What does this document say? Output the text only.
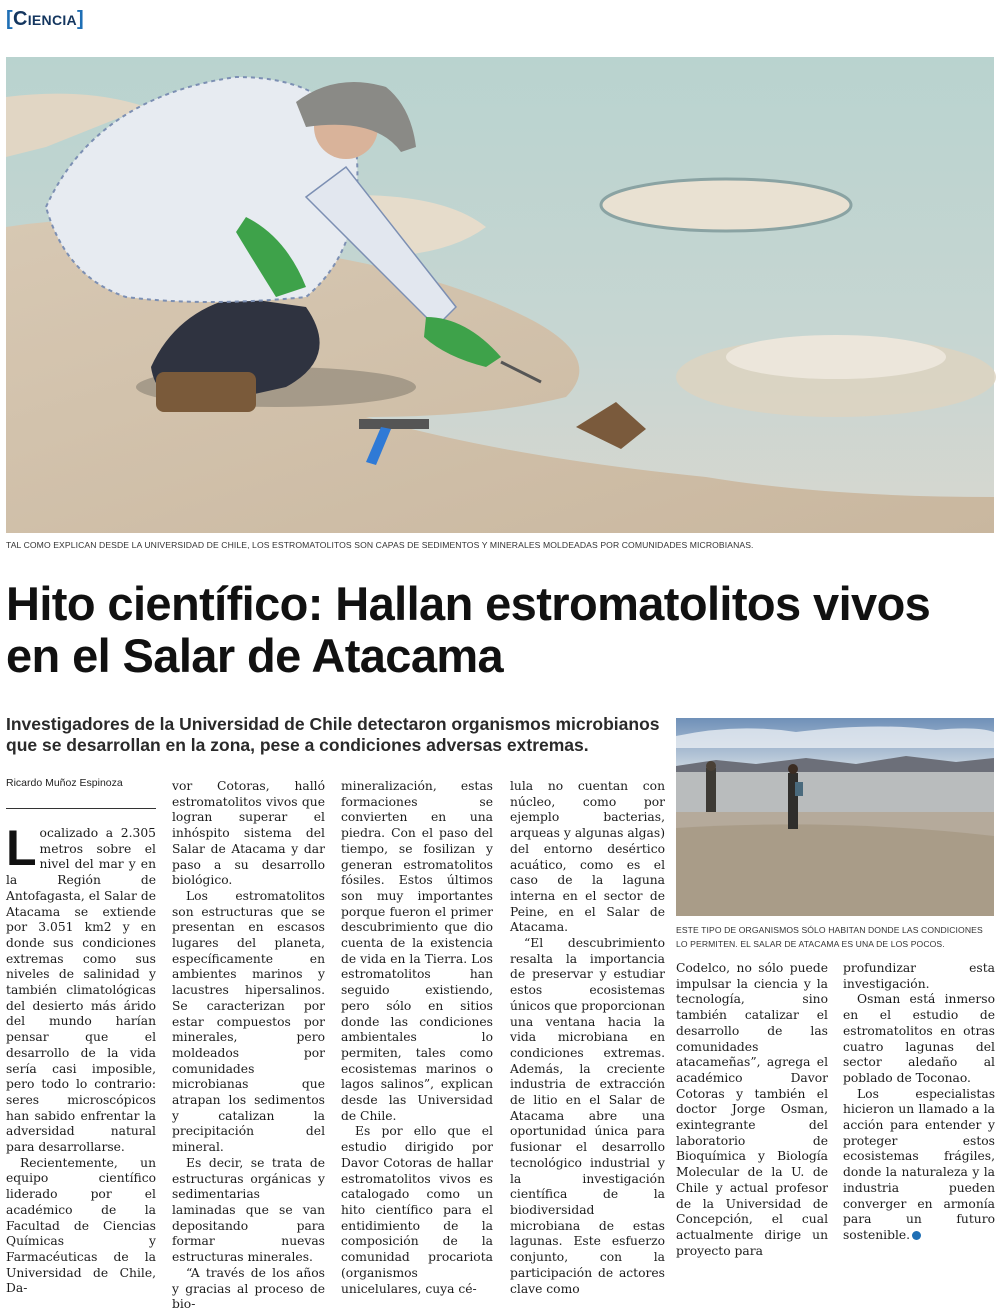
[Ciencia]
TAL COMO EXPLICAN DESDE LA UNIVERSIDAD DE CHILE, LOS ESTROMATOLITOS SON CAPAS DE SEDIMENTOS Y MINERALES MOLDEADAS POR COMUNIDADES MICROBIANAS.
Hito científico: Hallan estromatolitos vivos en el Salar de Atacama
Investigadores de la Universidad de Chile detectaron organismos microbianos que se desarrollan en la zona, pese a condiciones adversas extremas.
Ricardo Muñoz Espinoza

Localizado a 2.305 metros sobre el nivel del mar y en la Región de Antofagasta, el Salar de Atacama se extiende por 3.051 km2 y en donde sus condiciones extremas como sus niveles de salinidad y también climatológicas del desierto más árido del mundo harían pensar que el desarrollo de la vida sería casi imposible, pero todo lo contrario: seres microscópicos han sabido enfrentar la adversidad natural para desarrollarse.

Recientemente, un equipo científico liderado por el académico de la Facultad de Ciencias Químicas y Farmacéuticas de la Universidad de Chile, Da-

vor Cotoras, halló estromatolitos vivos que logran superar el inhóspito sistema del Salar de Atacama y dar paso a su desarrollo biológico.

Los estromatolitos son estructuras que se presentan en escasos lugares del planeta, específicamente en ambientes marinos y lacustres hipersalinos. Se caracterizan por estar compuestos por minerales, pero moldeados por comunidades microbianas que atrapan los sedimentos y catalizan la precipitación del mineral.

Es decir, se trata de estructuras orgánicas y sedimentarias laminadas que se van depositando para formar nuevas estructuras minerales.

“A través de los años y gracias al proceso de bio-

mineralización, estas formaciones se convierten en una piedra. Con el paso del tiempo, se fosilizan y generan estromatolitos fósiles. Estos últimos son muy importantes porque fueron el primer descubrimiento que dio cuenta de la existencia de vida en la Tierra. Los estromatolitos han seguido existiendo, pero sólo en sitios donde las condiciones ambientales lo permiten, tales como ecosistemas marinos o lagos salinos”, explican desde las Universidad de Chile.

Es por ello que el estudio dirigido por Davor Cotoras de hallar estromatolitos vivos es catalogado como un hito científico para el entidimiento de la composición de la comunidad procariota (organismos unicelulares, cuya cé-

lula no cuentan con núcleo, como por ejemplo bacterias, arqueas y algunas algas) del entorno desértico acuático, como es el caso de la laguna interna en el sector de Peine, en el Salar de Atacama.

“El descubrimiento resalta la importancia de preservar y estudiar estos ecosistemas únicos que proporcionan una ventana hacia la vida microbiana en condiciones extremas. Además, la creciente industria de extracción de litio en el Salar de Atacama abre una oportunidad única para fusionar el desarrollo tecnológico industrial y la investigación científica de la biodiversidad microbiana de estas lagunas. Este esfuerzo conjunto, con la participación de actores clave como

ESTE TIPO DE ORGANISMOS SÓLO HABITAN DONDE LAS CONDICIONES LO PERMITEN. EL SALAR DE ATACAMA ES UNA DE LOS POCOS.

Codelco, no sólo puede impulsar la ciencia y la tecnología, sino también catalizar el desarrollo de las comunidades atacameñas”, agrega el académico Davor Cotoras y también el doctor Jorge Osman, exintegrante del laboratorio de Bioquímica y Biología Molecular de la U. de Chile y actual profesor de la Universidad de Concepción, el cual actualmente dirige un proyecto para

profundizar esta investigación.

Osman está inmerso en el estudio de estromatolitos en otras cuatro lagunas del sector aledaño al poblado de Toconao.

Los especialistas hicieron un llamado a la acción para entender y proteger estos ecosistemas frágiles, donde la naturaleza y la industria pueden converger en armonía para un futuro sostenible.
